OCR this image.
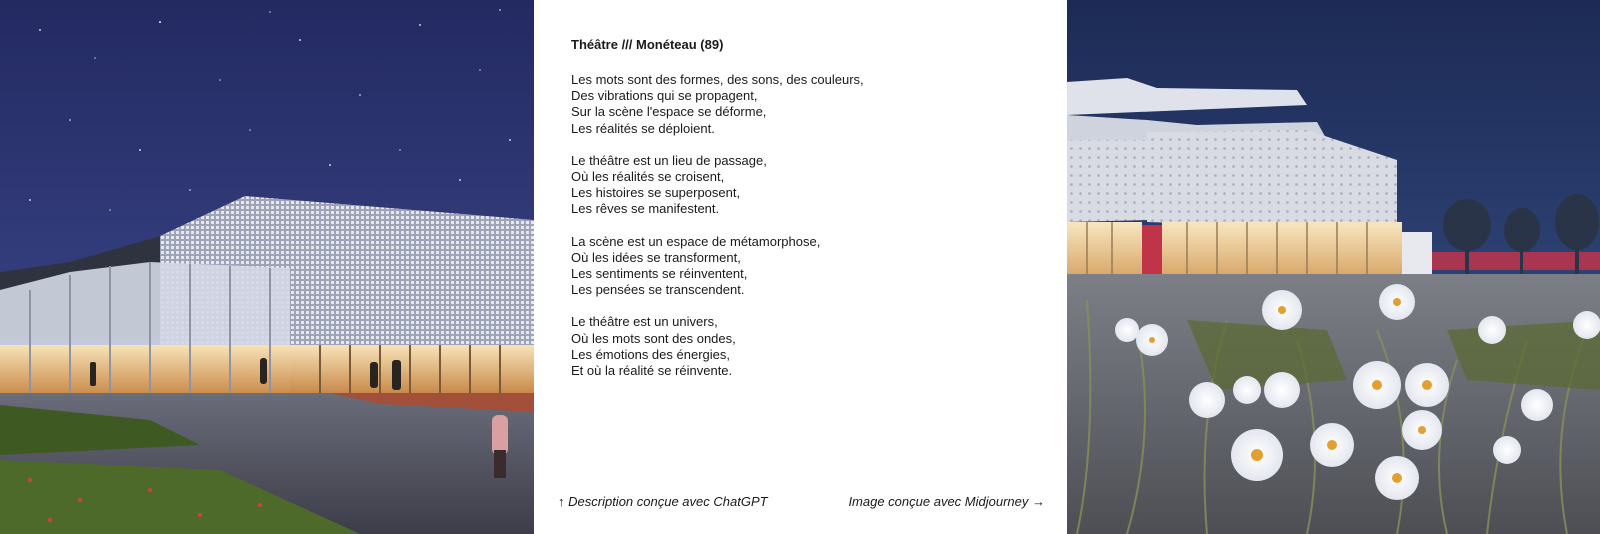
Théâtre /// Monéteau (89)

Les mots sont des formes, des sons, des couleurs,
Des vibrations qui se propagent,
Sur la scène l'espace se déforme,
Les réalités se déploient.

Le théâtre est un lieu de passage,
Où les réalités se croisent,
Les histoires se superposent,
Les rêves se manifestent.

La scène est un espace de métamorphose,
Où les idées se transforment,
Les sentiments se réinventent,
Les pensées se transcendent.

Le théâtre est un univers,
Où les mots sont des ondes,
Les émotions des énergies,
Et où la réalité se réinvente.

↑ Description conçue avec ChatGPT	Image conçue avec Midjourney →
